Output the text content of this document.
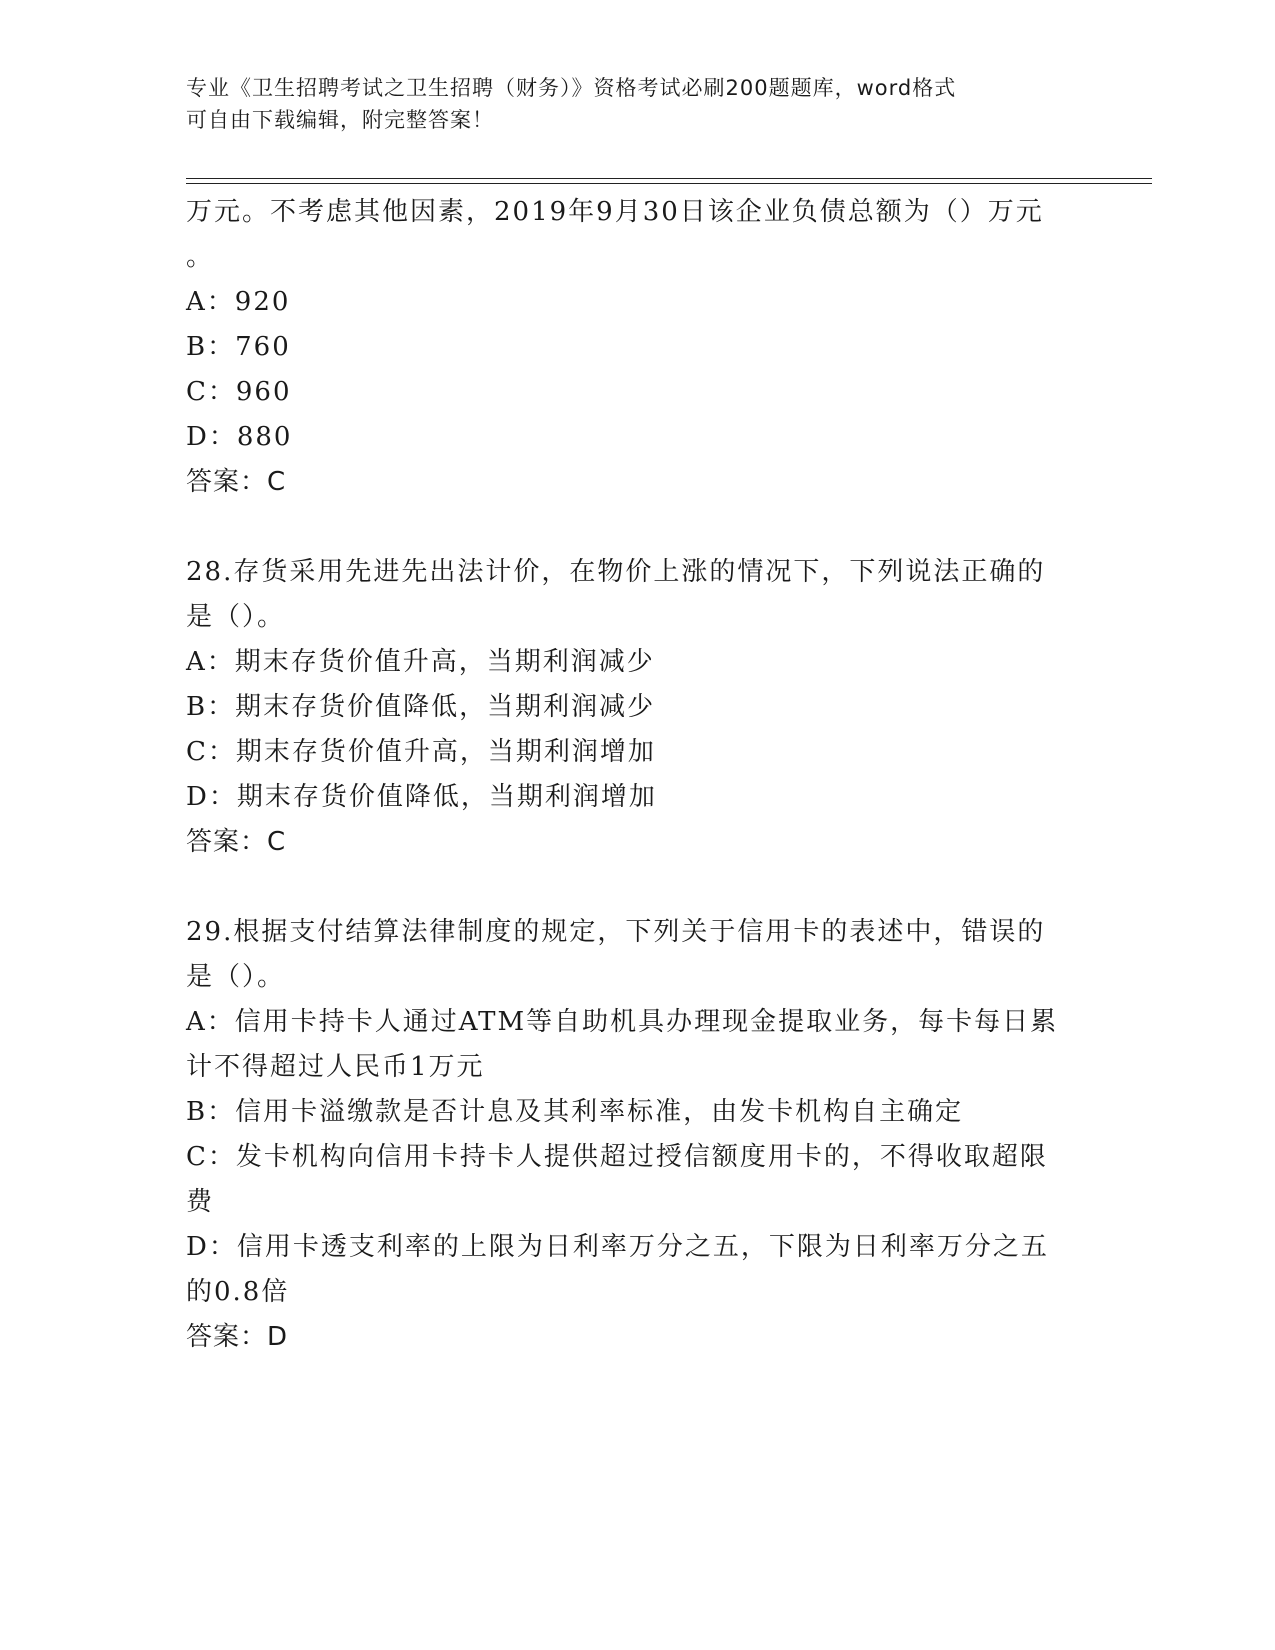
专业《卫生招聘考试之卫生招聘（财务）》资格考试必刷200题题库，word格式
可自由下载编辑，附完整答案！
万元。不考虑其他因素，2019年9月30日该企业负债总额为（）万元
。
A：920
B：760
C：960
D：880
答案：C
28.存货采用先进先出法计价，在物价上涨的情况下，下列说法正确的
是（）。
A：期末存货价值升高，当期利润减少
B：期末存货价值降低，当期利润减少
C：期末存货价值升高，当期利润增加
D：期末存货价值降低，当期利润增加
答案：C
29.根据支付结算法律制度的规定，下列关于信用卡的表述中，错误的
是（）。
A：信用卡持卡人通过ATM等自助机具办理现金提取业务，每卡每日累
计不得超过人民币1万元
B：信用卡溢缴款是否计息及其利率标准，由发卡机构自主确定
C：发卡机构向信用卡持卡人提供超过授信额度用卡的，不得收取超限
费
D：信用卡透支利率的上限为日利率万分之五，下限为日利率万分之五
的0.8倍
答案：D
